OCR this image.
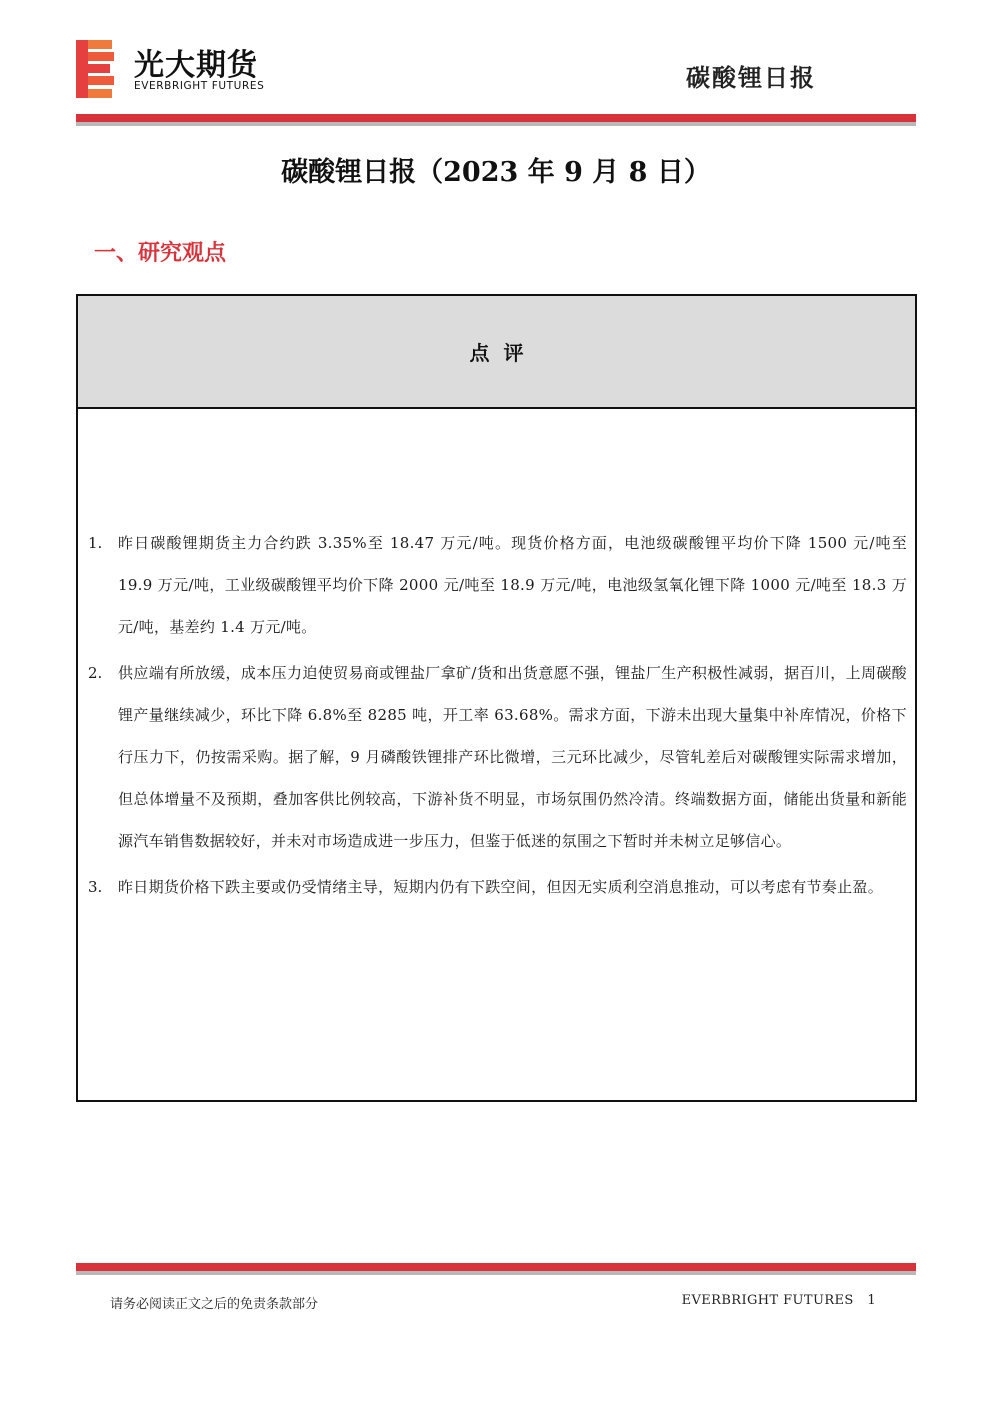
光大期货
EVERBRIGHT FUTURES	碳酸锂日报
碳酸锂日报（2023 年 9 月 8 日）
一、研究观点
点评
1. 昨日碳酸锂期货主力合约跌 3.35%至 18.47 万元/吨。现货价格方面，电池级碳酸锂平均价下降 1500 元/吨至 19.9 万元/吨，工业级碳酸锂平均价下降 2000 元/吨至 18.9 万元/吨，电池级氢氧化锂下降 1000 元/吨至 18.3 万元/吨，基差约 1.4 万元/吨。
2. 供应端有所放缓，成本压力迫使贸易商或锂盐厂拿矿/货和出货意愿不强，锂盐厂生产积极性减弱，据百川，上周碳酸锂产量继续减少，环比下降 6.8%至 8285 吨，开工率 63.68%。需求方面，下游未出现大量集中补库情况，价格下行压力下，仍按需采购。据了解，9 月磷酸铁锂排产环比微增，三元环比减少，尽管轧差后对碳酸锂实际需求增加，但总体增量不及预期，叠加客供比例较高，下游补货不明显，市场氛围仍然冷清。终端数据方面，储能出货量和新能源汽车销售数据较好，并未对市场造成进一步压力，但鉴于低迷的氛围之下暂时并未树立足够信心。
3. 昨日期货价格下跌主要或仍受情绪主导，短期内仍有下跌空间，但因无实质利空消息推动，可以考虑有节奏止盈。
请务必阅读正文之后的免责条款部分	EVERBRIGHT FUTURES 1
